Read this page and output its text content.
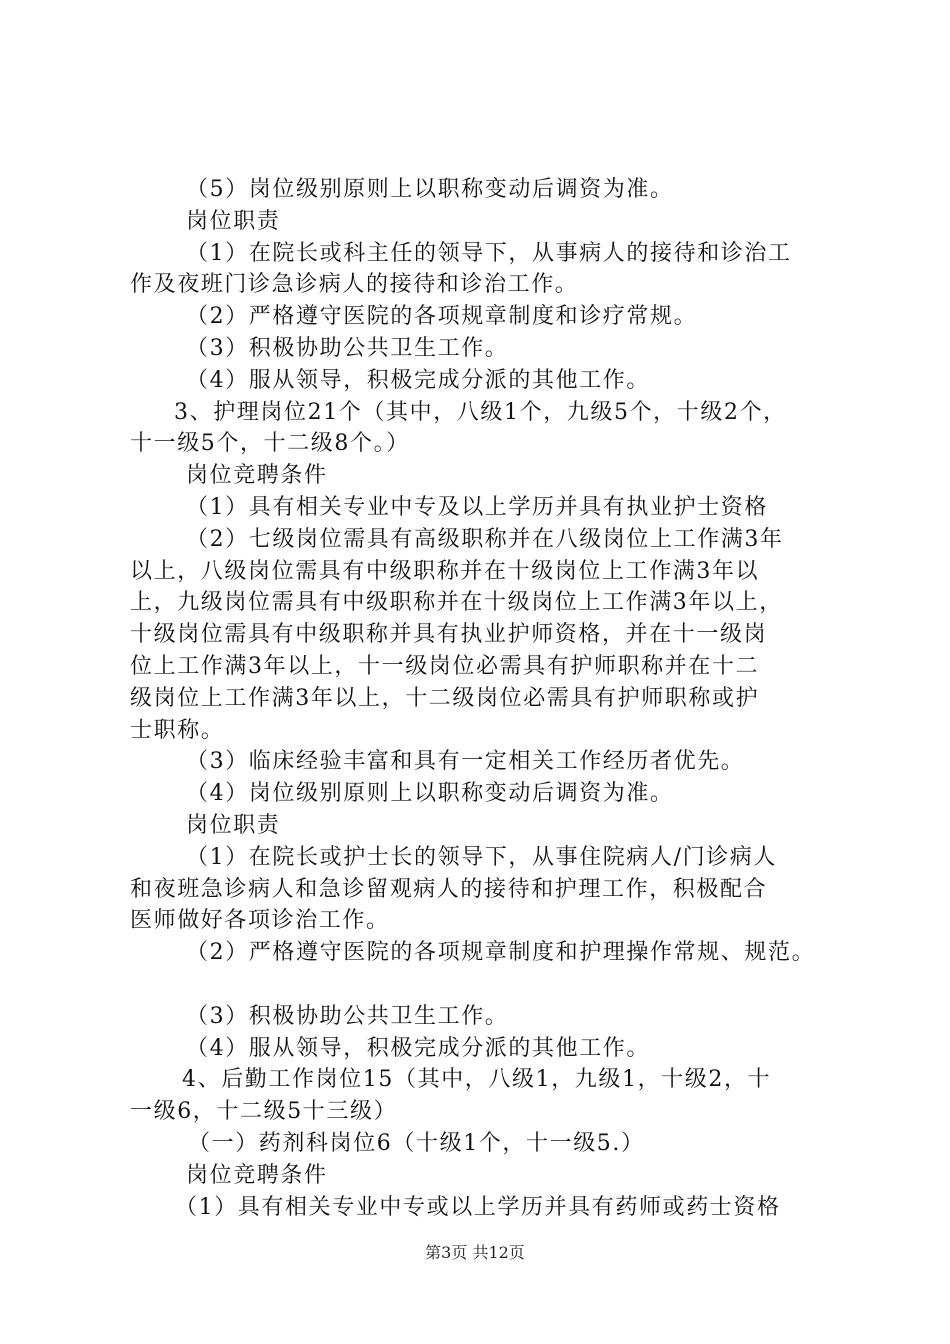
（5）岗位级别原则上以职称变动后调资为准。
岗位职责
（1）在院长或科主任的领导下，从事病人的接待和诊治工
作及夜班门诊急诊病人的接待和诊治工作。
（2）严格遵守医院的各项规章制度和诊疗常规。
（3）积极协助公共卫生工作。
（4）服从领导，积极完成分派的其他工作。
3、护理岗位21个（其中，八级1个，九级5个，十级2个，
十一级5个，十二级8个。）
岗位竞聘条件
（1）具有相关专业中专及以上学历并具有执业护士资格
（2）七级岗位需具有高级职称并在八级岗位上工作满3年
以上，八级岗位需具有中级职称并在十级岗位上工作满3年以
上，九级岗位需具有中级职称并在十级岗位上工作满3年以上，
十级岗位需具有中级职称并具有执业护师资格，并在十一级岗
位上工作满3年以上，十一级岗位必需具有护师职称并在十二
级岗位上工作满3年以上，十二级岗位必需具有护师职称或护
士职称。
（3）临床经验丰富和具有一定相关工作经历者优先。
（4）岗位级别原则上以职称变动后调资为准。
岗位职责
（1）在院长或护士长的领导下，从事住院病人/门诊病人
和夜班急诊病人和急诊留观病人的接待和护理工作，积极配合
医师做好各项诊治工作。
（2）严格遵守医院的各项规章制度和护理操作常规、规范。
（3）积极协助公共卫生工作。
（4）服从领导，积极完成分派的其他工作。
4、后勤工作岗位15（其中，八级1，九级1，十级2，十
一级6，十二级5十三级）
（一）药剂科岗位6（十级1个，十一级5.）
岗位竞聘条件
（1）具有相关专业中专或以上学历并具有药师或药士资格
第3页 共12页
